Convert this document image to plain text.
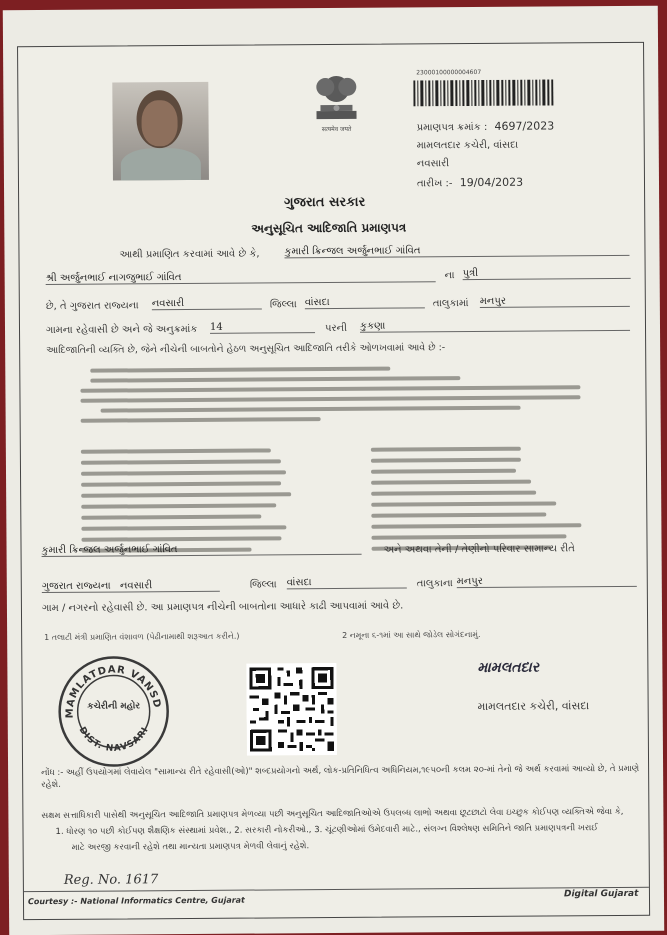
सत्यमेव जयते
23000100000004607
પ્રમાણપત્ર ક્રમાંક : 4697/2023
મામલતદાર કચેરી, વાંસદા
નવસારી
તારીખ :- 19/04/2023
ગુજરાત સરકાર
અનુસૂચિત આદિજાતિ પ્રમાણપત્ર
આથી પ્રમાણિત કરવામાં આવે છે કે, કુમારી ક્રિન્જલ અર્જુનભાઈ ગાંવિત
શ્રી અર્જુનભાઈ નાગજુભાઈ ગાંવિત	ના પુત્રી
છે, તે ગુજરાત રાજ્યના નવસારી	જિલ્લા વાંસદા	તાલુકામાં મનપુર
ગામના રહેવાસી છે અને જે અનુક્રમાંક 14	પરની કુકણા
આદિજાતિની વ્યક્તિ છે, જેને નીચેની બાબતોને હેઠળ અનુસૂચિત આદિજાતિ તરીકે ઓળખવામાં આવે છે :-
કુમારી ક્રિન્જલ અર્જુનભાઈ ગાંવિત	અને અથવા તેની / તેણીનો પરિવાર સામાન્ય રીતે
ગુજરાત રાજ્યના નવસારી	જિલ્લા વાંસદા	તાલુકાના મનપુર
ગામ / નગરનો રહેવાસી છે. આ પ્રમાણપત્ર નીચેની બાબતોના આધારે કાઢી આપવામાં આવે છે.
1 તલાટી મંત્રી પ્રમાણિત વંશાવળ (પેઢીનામાથી શરૂઆત કરીને.)	2 નમૂના ૬-૧માં આ સાથે જોડેલ સોગંદનામું.
MAMLATDAR VANSDA
DIST. NAVSARI
કચેરીની મહોર
મામલતદાર
મામલતદાર કચેરી, વાંસદા
નોંધ :- અહીં ઉપયોગમાં લેવાયેલ "સામાન્ય રીતે રહેવાસી(ઓ)" શબ્દપ્રયોગનો અર્થ, લોક-પ્રતિનિધિત્વ અધિનિયમ,૧૯૫૦ની કલમ ૨૦-માં તેનો જે અર્થ કરવામાં આવ્યો છે, તે પ્રમાણે રહેશે.
સક્ષમ સત્તાધિકારી પાસેથી અનુસૂચિત આદિજાતિ પ્રમાણપત્ર મેળવ્યા પછી અનુસૂચિત આદિજાતિઓએ ઉપલબ્ધ લાભો અથવા છૂટછાટો લેવા ઇચ્છુક કોઈપણ વ્યક્તિએ જેવા કે,
1. ધોરણ ૧૦ પછી કોઈપણ શૈક્ષણિક સંસ્થામાં પ્રવેશ., 2. સરકારી નોકરીઓ., 3. ચૂંટણીઓમાં ઉમેદવારી માટે., સંલગ્ન વિશ્લેષણ સમિતિને જાતિ પ્રમાણપત્રની ખરાઈ
માટે અરજી કરવાની રહેશે તથા માન્યતા પ્રમાણપત્ર મેળવી લેવાનું રહેશે.
Reg. No. 1617
Courtesy :- National Informatics Centre, Gujarat
Digital Gujarat
